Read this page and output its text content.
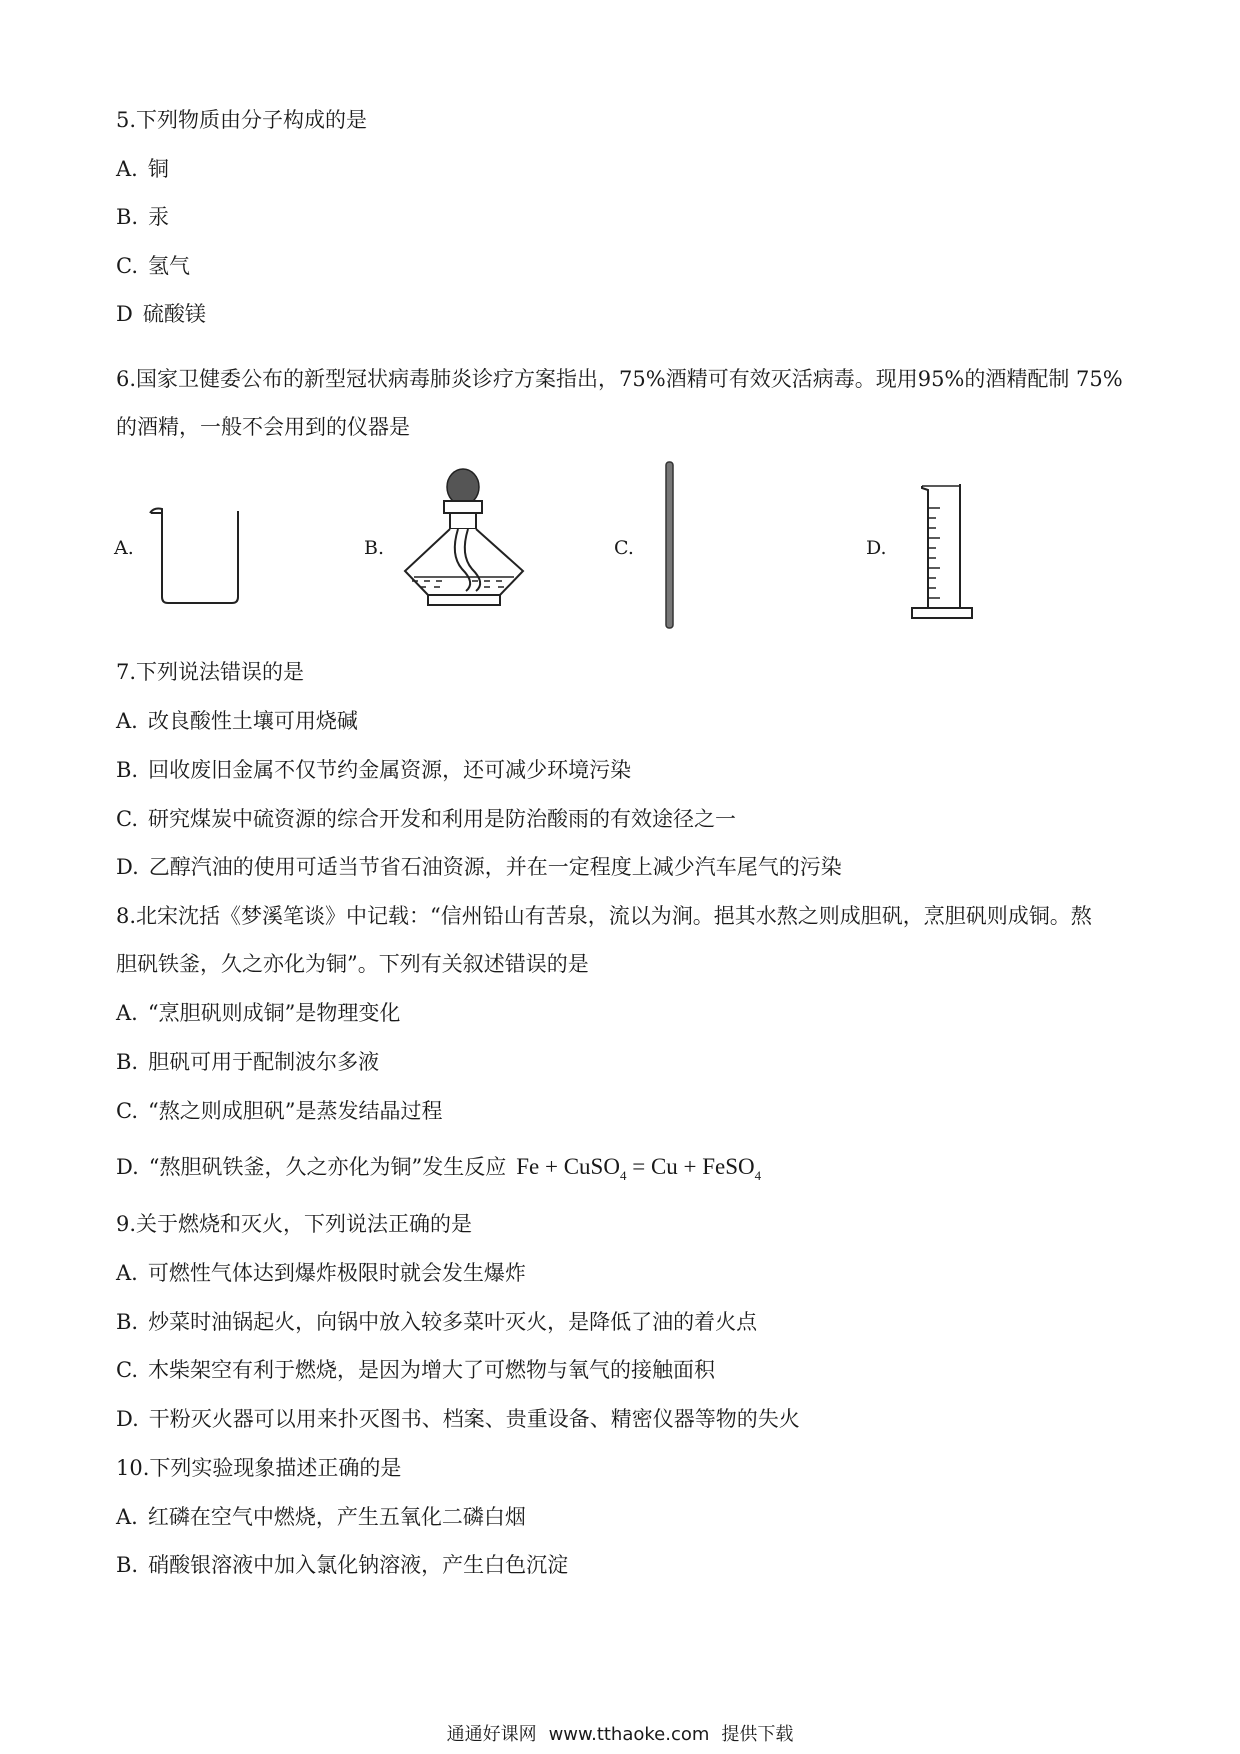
5.下列物质由分子构成的是
A. 铜
B. 汞
C. 氢气
D 硫酸镁
6.国家卫健委公布的新型冠状病毒肺炎诊疗方案指出，75%酒精可有效灭活病毒。现用95%的酒精配制 75%
的酒精，一般不会用到的仪器是
A.	B.	C.	D.
7.下列说法错误的是
A. 改良酸性土壤可用烧碱
B. 回收废旧金属不仅节约金属资源，还可减少环境污染
C. 研究煤炭中硫资源的综合开发和利用是防治酸雨的有效途径之一
D. 乙醇汽油的使用可适当节省石油资源，并在一定程度上减少汽车尾气的污染
8.北宋沈括《梦溪笔谈》中记载：“信州铅山有苦泉，流以为涧。挹其水熬之则成胆矾，烹胆矾则成铜。熬
胆矾铁釜，久之亦化为铜”。下列有关叙述错误的是
A. “烹胆矾则成铜”是物理变化
B. 胆矾可用于配制波尔多液
C. “熬之则成胆矾”是蒸发结晶过程
D. “熬胆矾铁釜，久之亦化为铜”发生反应 Fe + CuSO$_4$ = Cu + FeSO$_4$
9.关于燃烧和灭火，下列说法正确的是
A. 可燃性气体达到爆炸极限时就会发生爆炸
B. 炒菜时油锅起火，向锅中放入较多菜叶灭火，是降低了油的着火点
C. 木柴架空有利于燃烧，是因为增大了可燃物与氧气的接触面积
D. 干粉灭火器可以用来扑灭图书、档案、贵重设备、精密仪器等物的失火
10.下列实验现象描述正确的是
A. 红磷在空气中燃烧，产生五氧化二磷白烟
B. 硝酸银溶液中加入氯化钠溶液，产生白色沉淀
通通好课网 www.tthaoke.com 提供下载
